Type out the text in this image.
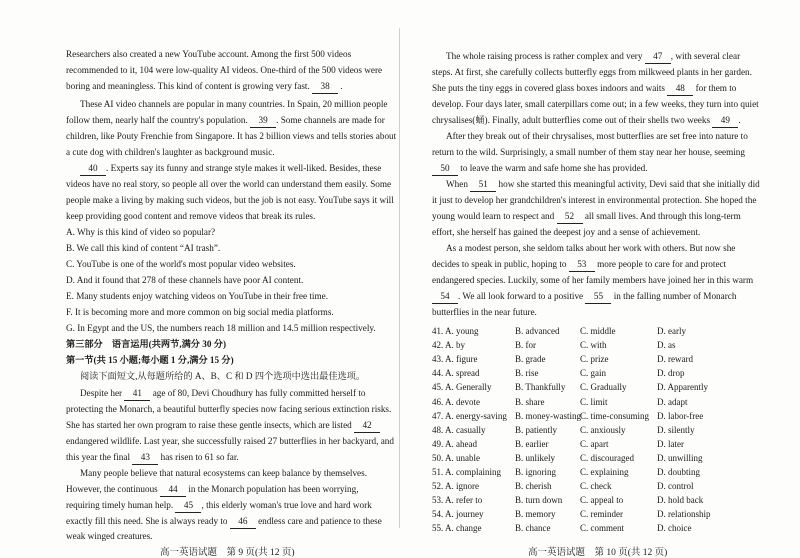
Researchers also created a new YouTube account. Among the first 500 videos
recommended to it, 104 were low-quality AI videos. One-third of the 500 videos were
boring and meaningless. This kind of content is growing very fast. 38 .
These AI video channels are popular in many countries. In Spain, 20 million people
follow them, nearly half the country's population. 39 . Some channels are made for
children, like Pouty Frenchie from Singapore. It has 2 billion views and tells stories about
a cute dog with children's laughter as background music.
40 . Experts say its funny and strange style makes it well-liked. Besides, these
videos have no real story, so people all over the world can understand them easily. Some
people make a living by making such videos, but the job is not easy. YouTube says it will
keep providing good content and remove videos that break its rules.
A. Why is this kind of video so popular?
B. We call this kind of content “AI trash”.
C. YouTube is one of the world's most popular video websites.
D. And it found that 278 of these channels have poor AI content.
E. Many students enjoy watching videos on YouTube in their free time.
F. It is becoming more and more common on big social media platforms.
G. In Egypt and the US, the numbers reach 18 million and 14.5 million respectively.
第三部分　语言运用(共两节,满分 30 分)
第一节(共 15 小题;每小题 1 分,满分 15 分)
阅读下面短文,从每题所给的 A、B、C 和 D 四个选项中选出最佳选项。
Despite her 41 age of 80, Devi Choudhury has fully committed herself to
protecting the Monarch, a beautiful butterfly species now facing serious extinction risks.
She has started her own program to raise these gentle insects, which are listed 42
endangered wildlife. Last year, she successfully raised 27 butterflies in her backyard, and
this year the final 43 has risen to 61 so far.
Many people believe that natural ecosystems can keep balance by themselves.
However, the continuous 44 in the Monarch population has been worrying,
requiring timely human help. 45 , this elderly woman's true love and hard work
exactly fill this need. She is always ready to 46 endless care and patience to these
weak winged creatures.
高一英语试题　第 9 页(共 12 页)
The whole raising process is rather complex and very 47 , with several clear
steps. At first, she carefully collects butterfly eggs from milkweed plants in her garden.
She puts the tiny eggs in covered glass boxes indoors and waits 48 for them to
develop. Four days later, small caterpillars come out; in a few weeks, they turn into quiet
chrysalises(蛹). Finally, adult butterflies come out of their shells two weeks 49 .
After they break out of their chrysalises, most butterflies are set free into nature to
return to the wild. Surprisingly, a small number of them stay near her house, seeming
50 to leave the warm and safe home she has provided.
When 51 how she started this meaningful activity, Devi said that she initially did
it just to develop her grandchildren's interest in environmental protection. She hoped the
young would learn to respect and 52 all small lives. And through this long-term
effort, she herself has gained the deepest joy and a sense of achievement.
As a modest person, she seldom talks about her work with others. But now she
decides to speak in public, hoping to 53 more people to care for and protect
endangered species. Luckily, some of her family members have joined her in this warm
54 . We all look forward to a positive 55 in the falling number of Monarch
butterflies in the near future.
41. A. young	B. advanced C. middle	D. early
42. A. by	B. for	C. with	D. as
43. A. figure	B. grade	C. prize	D. reward
44. A. spread	B. rise	C. gain	D. drop
45. A. Generally	B. Thankfully C. Gradually	D. Apparently
46. A. devote	B. share	C. limit	D. adapt
47. A. energy-saving B. money-wasting C. time-consuming D. labor-free
48. A. casually	B. patiently	C. anxiously	D. silently
49. A. ahead	B. earlier	C. apart	D. later
50. A. unable	B. unlikely	C. discouraged	D. unwilling
51. A. complaining B. ignoring	C. explaining	D. doubting
52. A. ignore	B. cherish	C. check	D. control
53. A. refer to	B. turn down C. appeal to	D. hold back
54. A. journey	B. memory	C. reminder	D. relationship
55. A. change	B. chance	C. comment	D. choice
高一英语试题　第 10 页(共 12 页)
